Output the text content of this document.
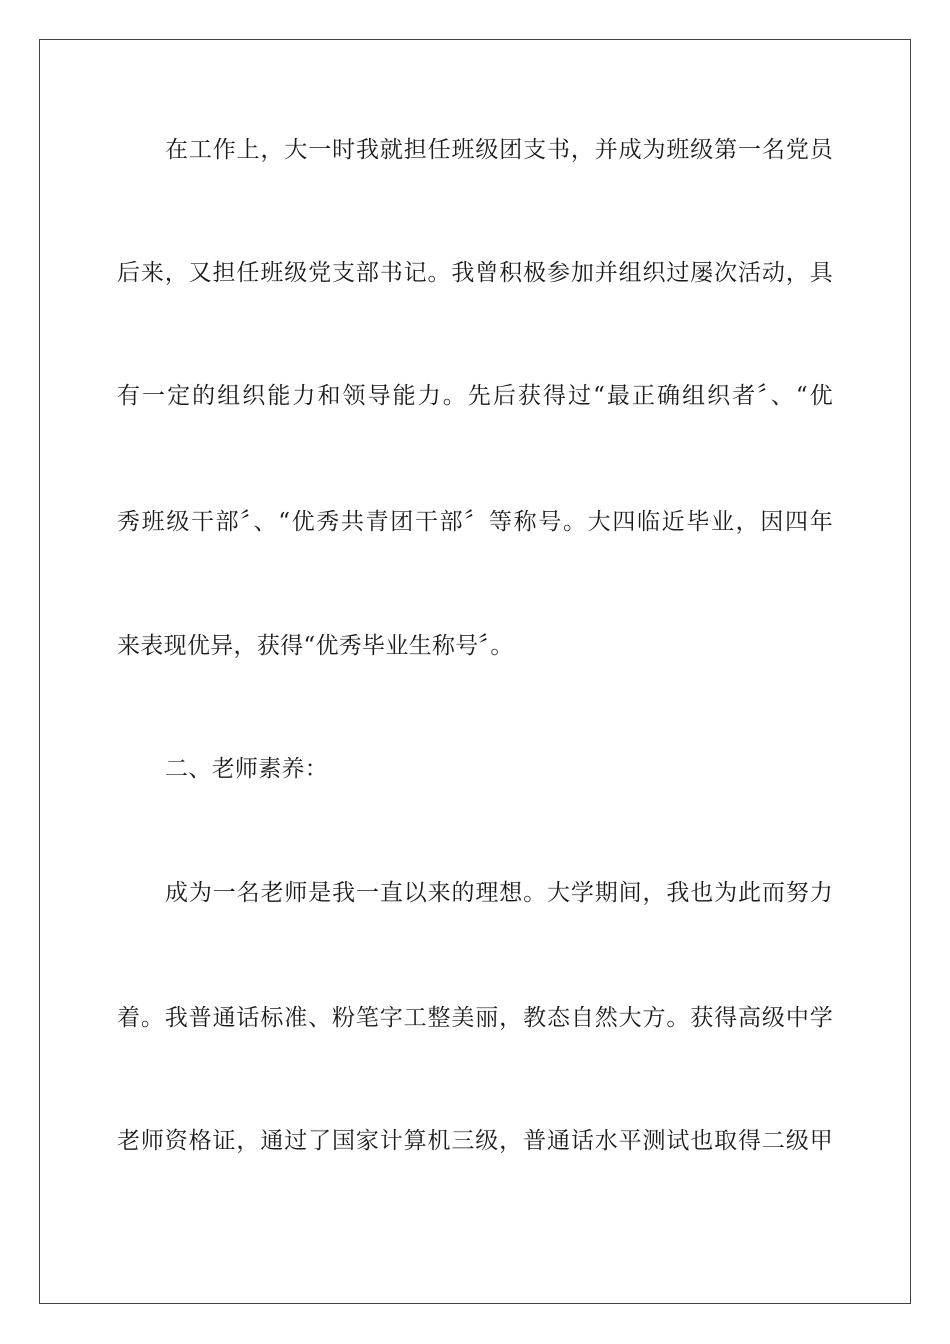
在工作上，大一时我就担任班级团支书，并成为班级第一名党员
后来，又担任班级党支部书记。我曾积极参加并组织过屡次活动，具
有一定的组织能力和领导能力。先后获得过“最正确组织者〞、“优
秀班级干部〞、“优秀共青团干部〞等称号。大四临近毕业，因四年
来表现优异，获得“优秀毕业生称号〞。
二、老师素养：
成为一名老师是我一直以来的理想。大学期间，我也为此而努力
着。我普通话标准、粉笔字工整美丽，教态自然大方。获得高级中学
老师资格证，通过了国家计算机三级，普通话水平测试也取得二级甲
